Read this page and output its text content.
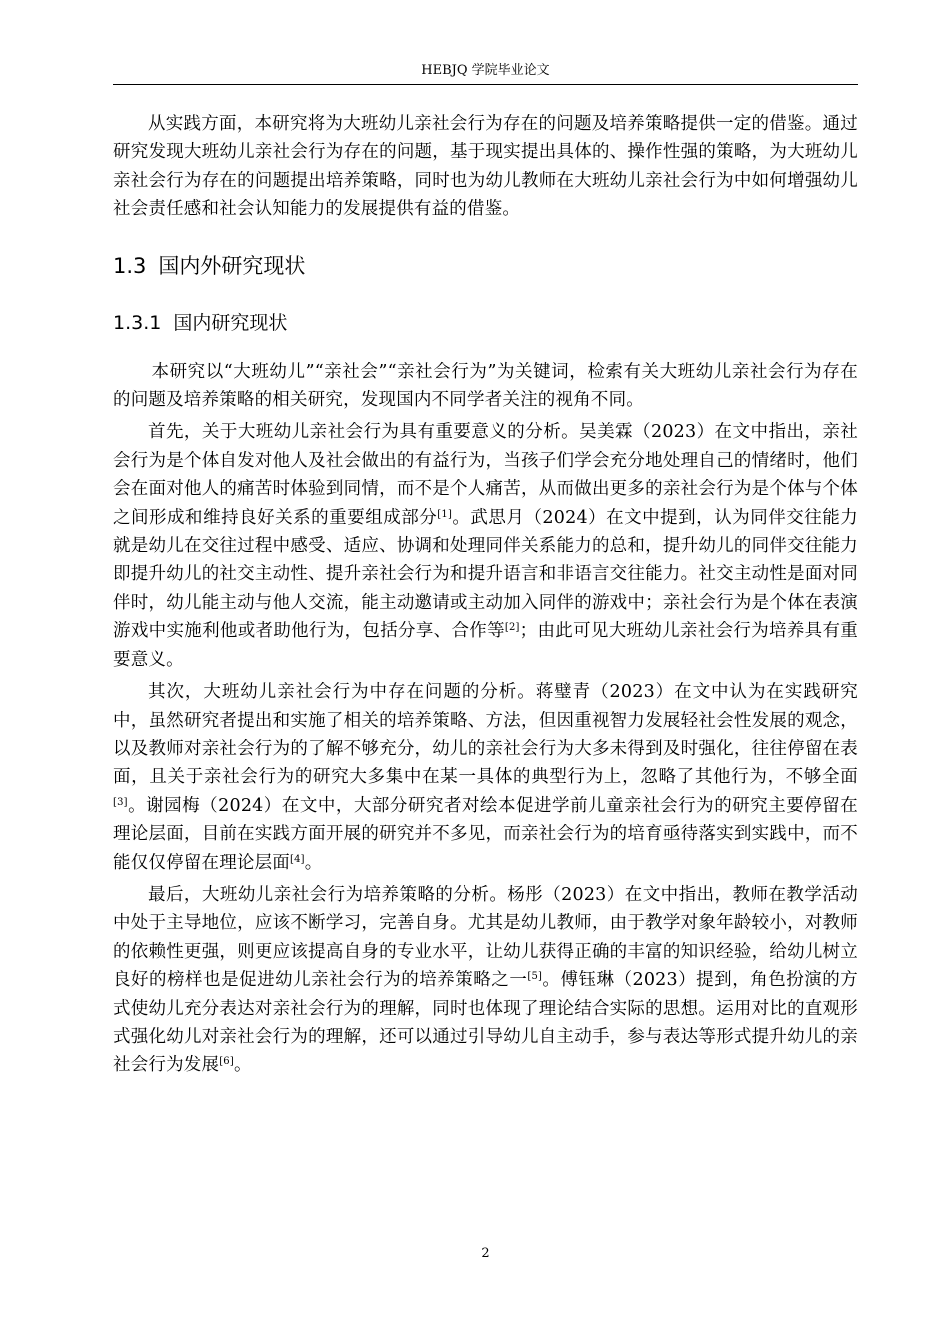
HEBJQ 学院毕业论文

从实践方面，本研究将为大班幼儿亲社会行为存在的问题及培养策略提供一定的借鉴。通过研究发现大班幼儿亲社会行为存在的问题，基于现实提出具体的、操作性强的策略，为大班幼儿亲社会行为存在的问题提出培养策略，同时也为幼儿教师在大班幼儿亲社会行为中如何增强幼儿社会责任感和社会认知能力的发展提供有益的借鉴。

1.3 国内外研究现状
1.3.1 国内研究现状

本研究以“大班幼儿”“亲社会”“亲社会行为”为关键词，检索有关大班幼儿亲社会行为存在的问题及培养策略的相关研究，发现国内不同学者关注的视角不同。

首先，关于大班幼儿亲社会行为具有重要意义的分析。吴美霖（2023）在文中指出，亲社会行为是个体自发对他人及社会做出的有益行为，当孩子们学会充分地处理自己的情绪时，他们会在面对他人的痛苦时体验到同情，而不是个人痛苦，从而做出更多的亲社会行为是个体与个体之间形成和维持良好关系的重要组成部分[1]。武思月（2024）在文中提到，认为同伴交往能力就是幼儿在交往过程中感受、适应、协调和处理同伴关系能力的总和，提升幼儿的同伴交往能力即提升幼儿的社交主动性、提升亲社会行为和提升语言和非语言交往能力。社交主动性是面对同伴时，幼儿能主动与他人交流，能主动邀请或主动加入同伴的游戏中；亲社会行为是个体在表演游戏中实施利他或者助他行为，包括分享、合作等[2]；由此可见大班幼儿亲社会行为培养具有重要意义。

其次，大班幼儿亲社会行为中存在问题的分析。蒋璧青（2023）在文中认为在实践研究中，虽然研究者提出和实施了相关的培养策略、方法，但因重视智力发展轻社会性发展的观念，以及教师对亲社会行为的了解不够充分，幼儿的亲社会行为大多未得到及时强化，往往停留在表面，且关于亲社会行为的研究大多集中在某一具体的典型行为上，忽略了其他行为，不够全面[3]。谢园梅（2024）在文中，大部分研究者对绘本促进学前儿童亲社会行为的研究主要停留在理论层面，目前在实践方面开展的研究并不多见，而亲社会行为的培育亟待落实到实践中，而不能仅仅停留在理论层面[4]。

最后，大班幼儿亲社会行为培养策略的分析。杨彤（2023）在文中指出，教师在教学活动中处于主导地位，应该不断学习，完善自身。尤其是幼儿教师，由于教学对象年龄较小，对教师的依赖性更强，则更应该提高自身的专业水平，让幼儿获得正确的丰富的知识经验，给幼儿树立良好的榜样也是促进幼儿亲社会行为的培养策略之一[5]。傅钰琳（2023）提到，角色扮演的方式使幼儿充分表达对亲社会行为的理解，同时也体现了理论结合实际的思想。运用对比的直观形式强化幼儿对亲社会行为的理解，还可以通过引导幼儿自主动手，参与表达等形式提升幼儿的亲社会行为发展[6]。

2
